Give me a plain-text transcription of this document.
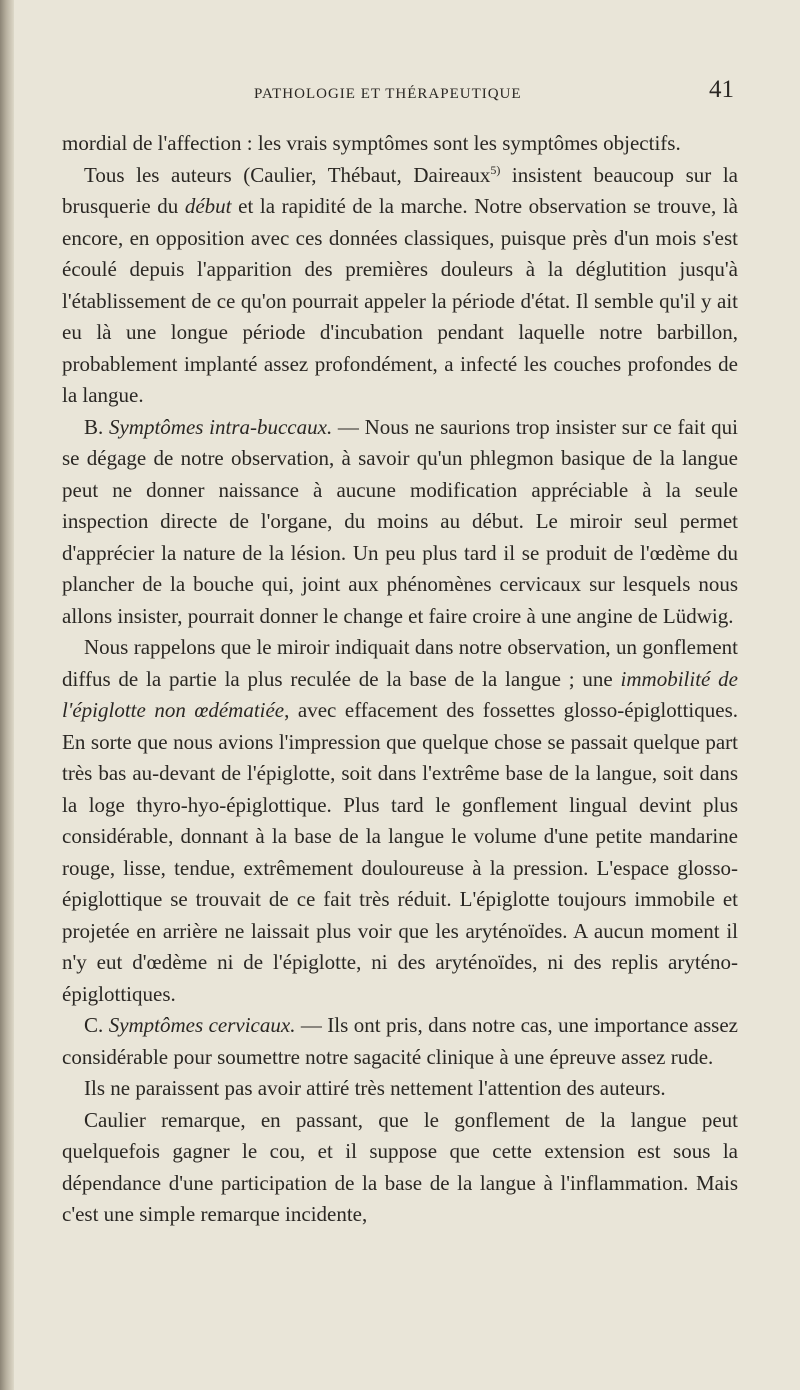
PATHOLOGIE ET THÉRAPEUTIQUE	41

mordial de l'affection : les vrais symptômes sont les symptômes objectifs.

Tous les auteurs (Caulier, Thébaut, Daireaux$^{5)}$ insistent beaucoup sur la brusquerie du début et la rapidité de la marche. Notre observation se trouve, là encore, en opposition avec ces données classiques, puisque près d'un mois s'est écoulé depuis l'apparition des premières douleurs à la déglutition jusqu'à l'établissement de ce qu'on pourrait appeler la période d'état. Il semble qu'il y ait eu là une longue période d'incubation pendant laquelle notre barbillon, probablement implanté assez profondément, a infecté les couches profondes de la langue.

B. Symptômes intra-buccaux. — Nous ne saurions trop insister sur ce fait qui se dégage de notre observation, à savoir qu'un phlegmon basique de la langue peut ne donner naissance à aucune modification appréciable à la seule inspection directe de l'organe, du moins au début. Le miroir seul permet d'apprécier la nature de la lésion. Un peu plus tard il se produit de l'œdème du plancher de la bouche qui, joint aux phénomènes cervicaux sur lesquels nous allons insister, pourrait donner le change et faire croire à une angine de Lüdwig.

Nous rappelons que le miroir indiquait dans notre observation, un gonflement diffus de la partie la plus reculée de la base de la langue ; une immobilité de l'épiglotte non œdématiée, avec effacement des fossettes glosso-épiglottiques. En sorte que nous avions l'impression que quelque chose se passait quelque part très bas au-devant de l'épiglotte, soit dans l'extrême base de la langue, soit dans la loge thyro-hyo-épiglottique. Plus tard le gonflement lingual devint plus considérable, donnant à la base de la langue le volume d'une petite mandarine rouge, lisse, tendue, extrêmement douloureuse à la pression. L'espace glosso-épiglottique se trouvait de ce fait très réduit. L'épiglotte toujours immobile et projetée en arrière ne laissait plus voir que les aryténoïdes. A aucun moment il n'y eut d'œdème ni de l'épiglotte, ni des aryténoïdes, ni des replis aryténo-épiglottiques.

C. Symptômes cervicaux. — Ils ont pris, dans notre cas, une importance assez considérable pour soumettre notre sagacité clinique à une épreuve assez rude.

Ils ne paraissent pas avoir attiré très nettement l'attention des auteurs.

Caulier remarque, en passant, que le gonflement de la langue peut quelquefois gagner le cou, et il suppose que cette extension est sous la dépendance d'une participation de la base de la langue à l'inflammation. Mais c'est une simple remarque incidente,
